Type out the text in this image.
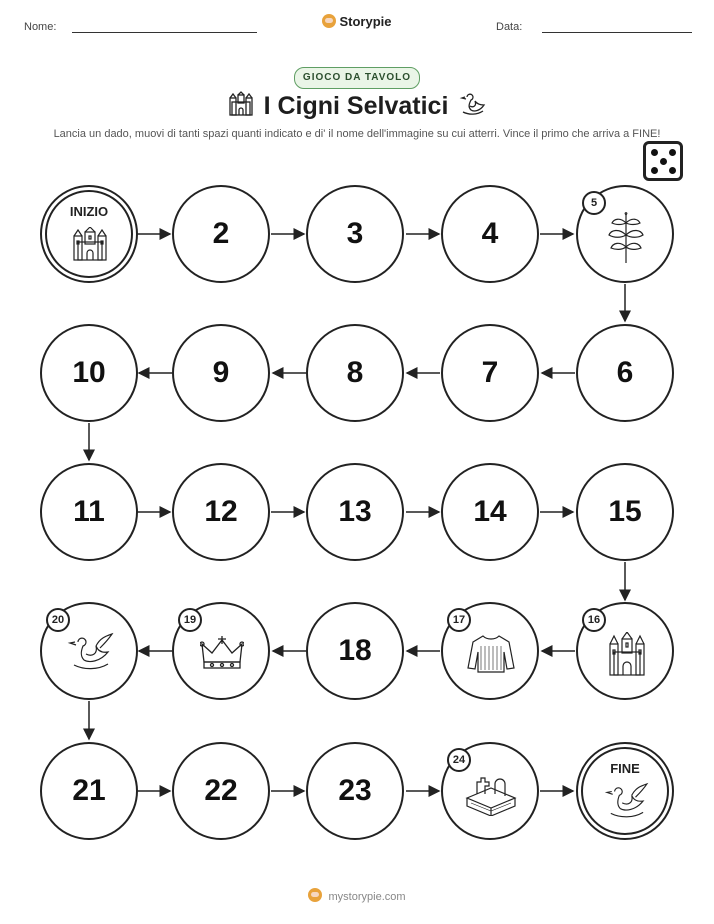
Nome:	Storypie	Data:
GIOCO DA TAVOLO
I Cigni Selvatici
Lancia un dado, muovi di tanti spazi quanti indicato e di' il nome dell'immagine su cui atterri. Vince il primo che arriva a FINE!
INIZIO
2	3	4
5
10	9	8	7	6
11	12	13	14	15
20	19
18
17	16
21	22	23
24
FINE
mystorypie.com
